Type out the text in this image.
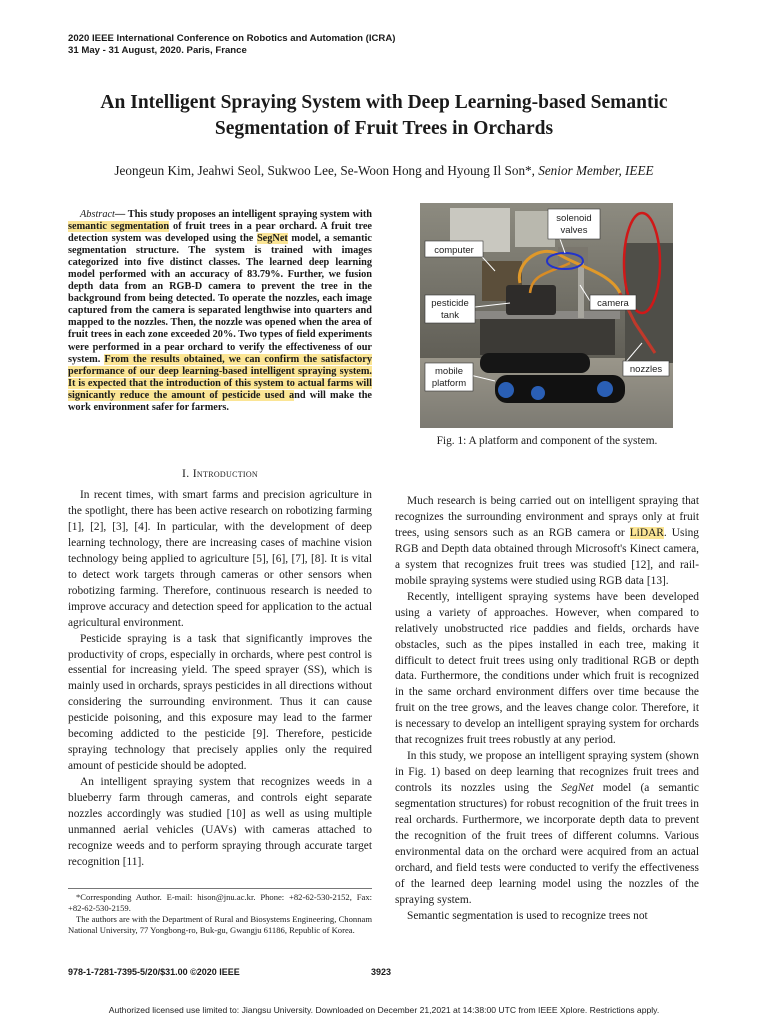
2020 IEEE International Conference on Robotics and Automation (ICRA)
31 May - 31 August, 2020. Paris, France
An Intelligent Spraying System with Deep Learning-based Semantic
Segmentation of Fruit Trees in Orchards
Jeongeun Kim, Jeahwi Seol, Sukwoo Lee, Se-Woon Hong and Hyoung Il Son*, Senior Member, IEEE
Abstract— This study proposes an intelligent spraying system with semantic segmentation of fruit trees in a pear orchard. A fruit tree detection system was developed using the SegNet model, a semantic segmentation structure. The system is trained with images categorized into five distinct classes. The learned deep learning model performed with an accuracy of 83.79%. Further, we fusion depth data from an RGB-D camera to prevent the tree in the background from being detected. To operate the nozzles, each image captured from the camera is separated lengthwise into quarters and mapped to the nozzles. Then, the nozzle was opened when the area of fruit trees in each zone exceeded 20%. Two types of field experiments were performed in a pear orchard to verify the effectiveness of our system. From the results obtained, we can confirm the satisfactory performance of our deep learning-based intelligent spraying system. It is expected that the introduction of this system to actual farms will signicantly reduce the amount of pesticide used and will make the work environment safer for farmers.
I. Introduction

In recent times, with smart farms and precision agriculture in the spotlight, there has been active research on robotizing farming [1], [2], [3], [4]. In particular, with the development of deep learning technology, there are increasing cases of machine vision technology being applied to agriculture [5], [6], [7], [8]. It is vital to detect work targets through cameras or other sensors when robotizing farming. Therefore, continuous research is needed to improve accuracy and detection speed for application to the actual agricultural environment.

Pesticide spraying is a task that significantly improves the productivity of crops, especially in orchards, where pest control is essential for increasing yield. The speed sprayer (SS), which is mainly used in orchards, sprays pesticides in all directions without considering the surrounding environment. Thus it can cause pesticide poisoning, and this exposure may lead to the farmer becoming addicted to the pesticide [9]. Therefore, pesticide spraying technology that precisely applies only the required amount of pesticide should be adopted.

An intelligent spraying system that recognizes weeds in a blueberry farm through cameras, and controls eight separate nozzles accordingly was studied [10] as well as using multiple unmanned aerial vehicles (UAVs) with cameras attached to recognize weeds and to perform spraying through accurate target recognition [11].

*Corresponding Author. E-mail: hison@jnu.ac.kr. Phone: +82-62-530-2152, Fax: +82-62-530-2159.

The authors are with the Department of Rural and Biosystems Engineering, Chonnam National University, 77 Yongbong-ro, Buk-gu, Gwangju 61186, Republic of Korea.

solenoid
valves
computer
pesticide
tank
camera
mobile
platform
nozzles
Fig. 1: A platform and component of the system.

Much research is being carried out on intelligent spraying that recognizes the surrounding environment and sprays only at fruit trees, using sensors such as an RGB camera or LiDAR. Using RGB and Depth data obtained through Microsoft's Kinect camera, a system that recognizes fruit trees was studied [12], and rail-mobile spraying systems were studied using RGB data [13].

Recently, intelligent spraying systems have been developed using a variety of approaches. However, when compared to relatively unobstructed rice paddies and fields, orchards have obstacles, such as the pipes installed in each tree, making it difficult to detect fruit trees using only traditional RGB or depth data. Furthermore, the conditions under which fruit is recognized in the same orchard environment differs over time because the fruit on the tree grows, and the leaves change color. Therefore, it is necessary to develop an intelligent spraying system for orchards that recognizes fruit trees robustly at any period.

In this study, we propose an intelligent spraying system (shown in Fig. 1) based on deep learning that recognizes fruit trees and controls its nozzles using the SegNet model (a semantic segmentation structures) for robust recognition of the fruit trees in real orchards. Furthermore, we incorporate depth data to prevent the recognition of the fruit trees of different columns. Various environmental data on the orchard were acquired from an actual orchard, and field tests were conducted to verify the effectiveness of the learned deep learning model using the nozzles of the spraying system.

Semantic segmentation is used to recognize trees not

978-1-7281-7395-5/20/$31.00 ©2020 IEEE	3923
Authorized licensed use limited to: Jiangsu University. Downloaded on December 21,2021 at 14:38:00 UTC from IEEE Xplore. Restrictions apply.
